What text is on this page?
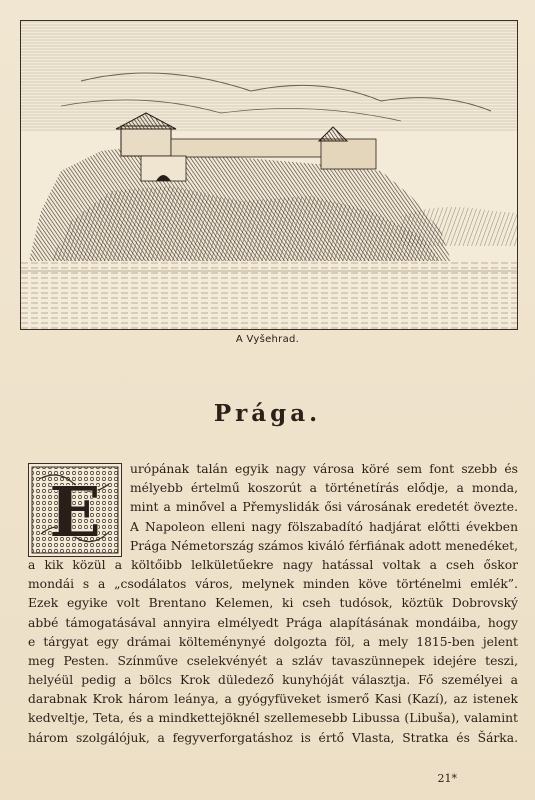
A Vyšehrad.
Prága.
E
urópának talán egyik nagy városa köré sem font szebb és
mélyebb értelmű koszorút a történetírás elődje, a monda,
mint a minővel a Přemyslidák ősi városának eredetét övezte.
A Napoleon elleni nagy fölszabadító hadjárat előtti években
Prága Németország számos kiváló férfiának adott menedéket,
a kik közül a költőibb lelkületűekre nagy hatással voltak a cseh őskor
mondái s a „csodálatos város, melynek minden köve történelmi emlék”.
Ezek egyike volt Brentano Kelemen, ki cseh tudósok, köztük Dobrovský
abbé támogatásával annyira elmélyedt Prága alapításának mondáiba, hogy
e tárgyat egy drámai költeménynyé dolgozta föl, a mely 1815-ben jelent
meg Pesten. Színműve cselekvényét a szláv tavaszünnepek idejére teszi,
helyéül pedig a bölcs Krok düledező kunyhóját választja. Fő személyei a
darabnak Krok három leánya, a gyógyfüveket ismerő Kasi (Kazí), az istenek
kedveltje, Teta, és a mindkettejöknél szellemesebb Libussa (Libuša), valamint
három szolgálójuk, a fegyverforgatáshoz is értő Vlasta, Stratka és Šárka.
21*
